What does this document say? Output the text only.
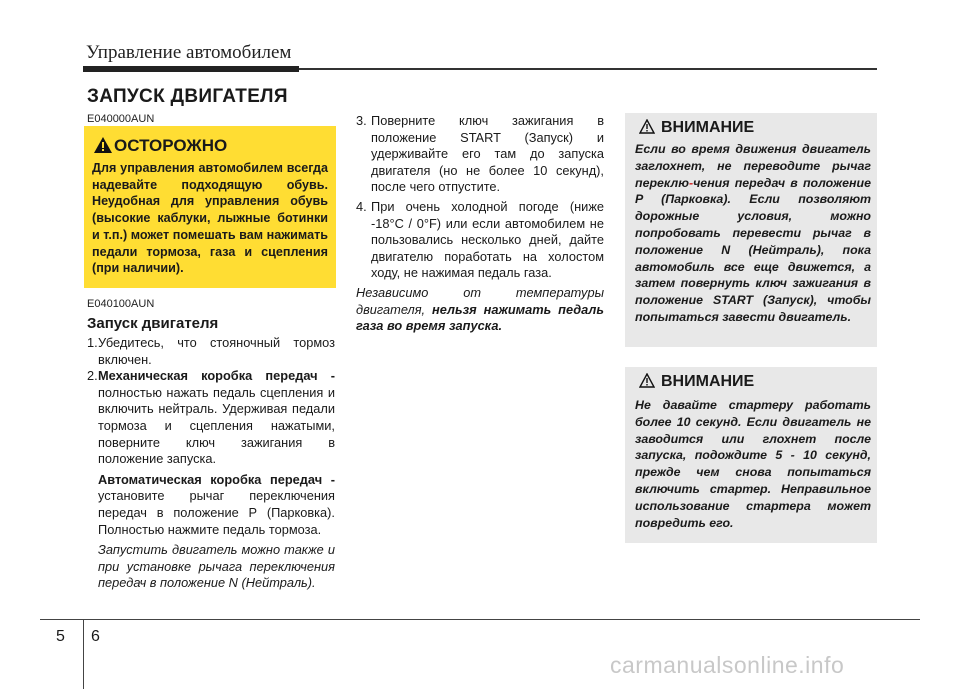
Управление автомобилем
ЗАПУСК ДВИГАТЕЛЯ
E040000AUN
ОСТОРОЖНО
Для управления автомобилем всегда надевайте подходящую обувь. Неудобная для управления обувь (высокие каблуки, лыжные ботинки и т.п.) может помешать вам нажимать педали тормоза, газа и сцепления (при наличии).
E040100AUN
Запуск двигателя
1. Убедитесь, что стояночный тормоз включен.
2. Механическая коробка передач - полностью нажать педаль сцепления и включить нейтраль. Удерживая педали тормоза и сцепления нажатыми, поверните ключ зажигания в положение запуска.
Автоматическая коробка передач - установите рычаг переключения передач в положение Р (Парковка). Полностью нажмите педаль тормоза.
Запустить двигатель можно также и при установке рычага переключения передач в положение N (Нейтраль).
3. Поверните ключ зажигания в положение START (Запуск) и удерживайте его там до запуска двигателя (но не более 10 секунд), после чего отпустите.
4. При очень холодной погоде (ниже -18°C / 0°F) или если автомобилем не пользовались несколько дней, дайте двигателю поработать на холостом ходу, не нажимая педаль газа.
Независимо от температуры двигателя, нельзя нажимать педаль газа во время запуска.
ВНИМАНИЕ
Если во время движения двигатель заглохнет, не переводите рычаг переклю-чения передач в положение P (Парковка). Если позволяют дорожные условия, можно попробовать перевести рычаг в положение N (Нейтраль), пока автомобиль все еще движется, а затем повернуть ключ зажигания в положение START (Запуск), чтобы попытаться завести двигатель.
ВНИМАНИЕ
Не давайте стартеру работать более 10 секунд. Если двигатель не заводится или глохнет после запуска, подождите 5 - 10 секунд, прежде чем снова попытаться включить стартер. Неправильное использование стартера может повредить его.
5 6
carmanualsonline.info
